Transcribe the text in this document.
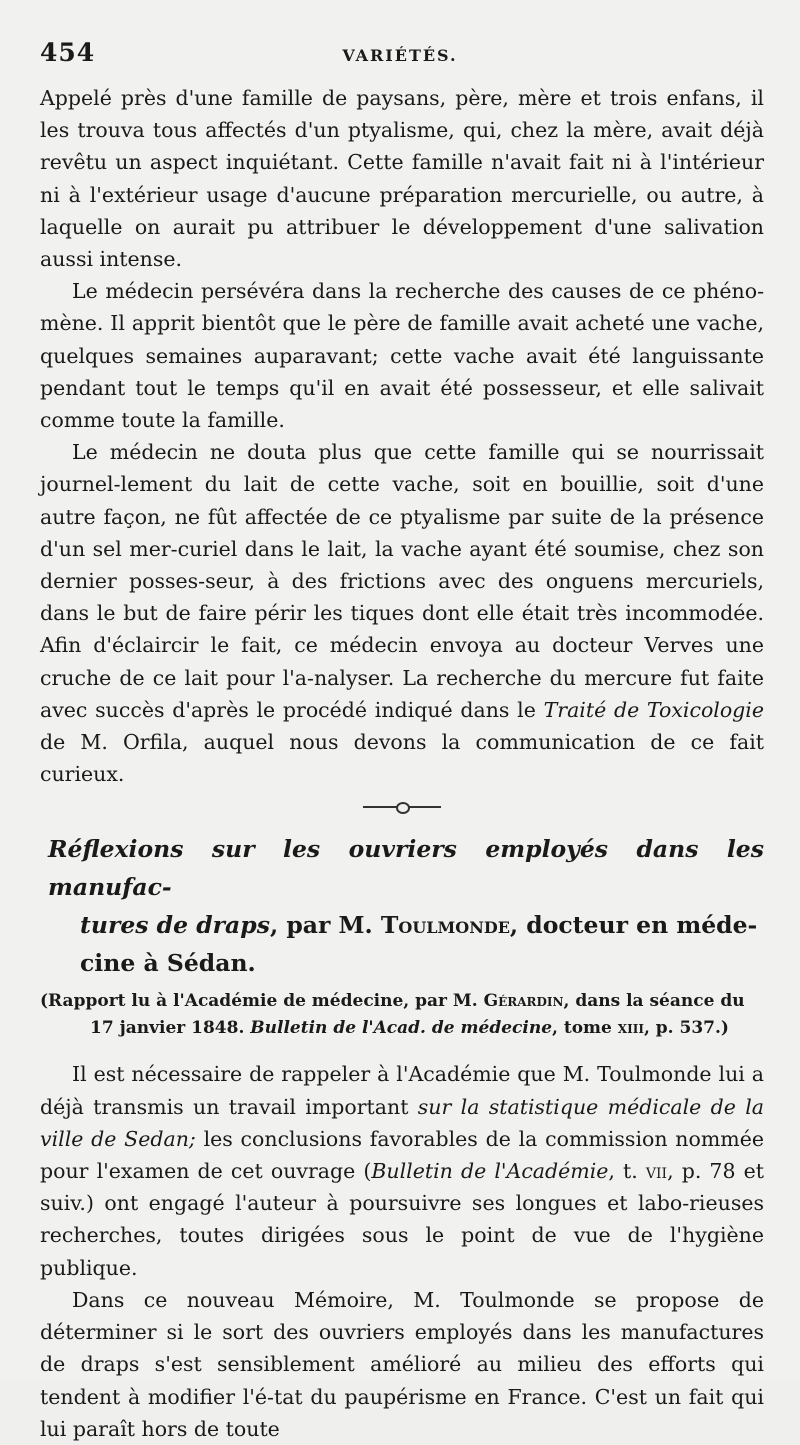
454	VARIÉTÉS.

Appelé près d'une famille de paysans, père, mère et trois enfans, il les trouva tous affectés d'un ptyalisme, qui, chez la mère, avait déjà revêtu un aspect inquiétant. Cette famille n'avait fait ni à l'intérieur ni à l'extérieur usage d'aucune préparation mercurielle, ou autre, à laquelle on aurait pu attribuer le développement d'une salivation aussi intense.

Le médecin persévéra dans la recherche des causes de ce phéno-mène. Il apprit bientôt que le père de famille avait acheté une vache, quelques semaines auparavant; cette vache avait été languissante pendant tout le temps qu'il en avait été possesseur, et elle salivait comme toute la famille.

Le médecin ne douta plus que cette famille qui se nourrissait journel-lement du lait de cette vache, soit en bouillie, soit d'une autre façon, ne fût affectée de ce ptyalisme par suite de la présence d'un sel mer-curiel dans le lait, la vache ayant été soumise, chez son dernier posses-seur, à des frictions avec des onguens mercuriels, dans le but de faire périr les tiques dont elle était très incommodée. Afin d'éclaircir le fait, ce médecin envoya au docteur Verves une cruche de ce lait pour l'a-nalyser. La recherche du mercure fut faite avec succès d'après le procédé indiqué dans le Traité de Toxicologie de M. Orfila, auquel nous devons la communication de ce fait curieux.

Réflexions sur les ouvriers employés dans les manufac-
tures de draps, par M. Toulmonde, docteur en méde-
cine à Sédan.
(Rapport lu à l'Académie de médecine, par M. Gérardin, dans la séance du
17 janvier 1848. Bulletin de l'Acad. de médecine, tome xiii, p. 537.)

Il est nécessaire de rappeler à l'Académie que M. Toulmonde lui a déjà transmis un travail important sur la statistique médicale de la ville de Sedan; les conclusions favorables de la commission nommée pour l'examen de cet ouvrage (Bulletin de l'Académie, t. vii, p. 78 et suiv.) ont engagé l'auteur à poursuivre ses longues et labo-rieuses recherches, toutes dirigées sous le point de vue de l'hygiène publique.

Dans ce nouveau Mémoire, M. Toulmonde se propose de déterminer si le sort des ouvriers employés dans les manufactures de draps s'est sensiblement amélioré au milieu des efforts qui tendent à modifier l'é-tat du paupérisme en France. C'est un fait qui lui paraît hors de toute
